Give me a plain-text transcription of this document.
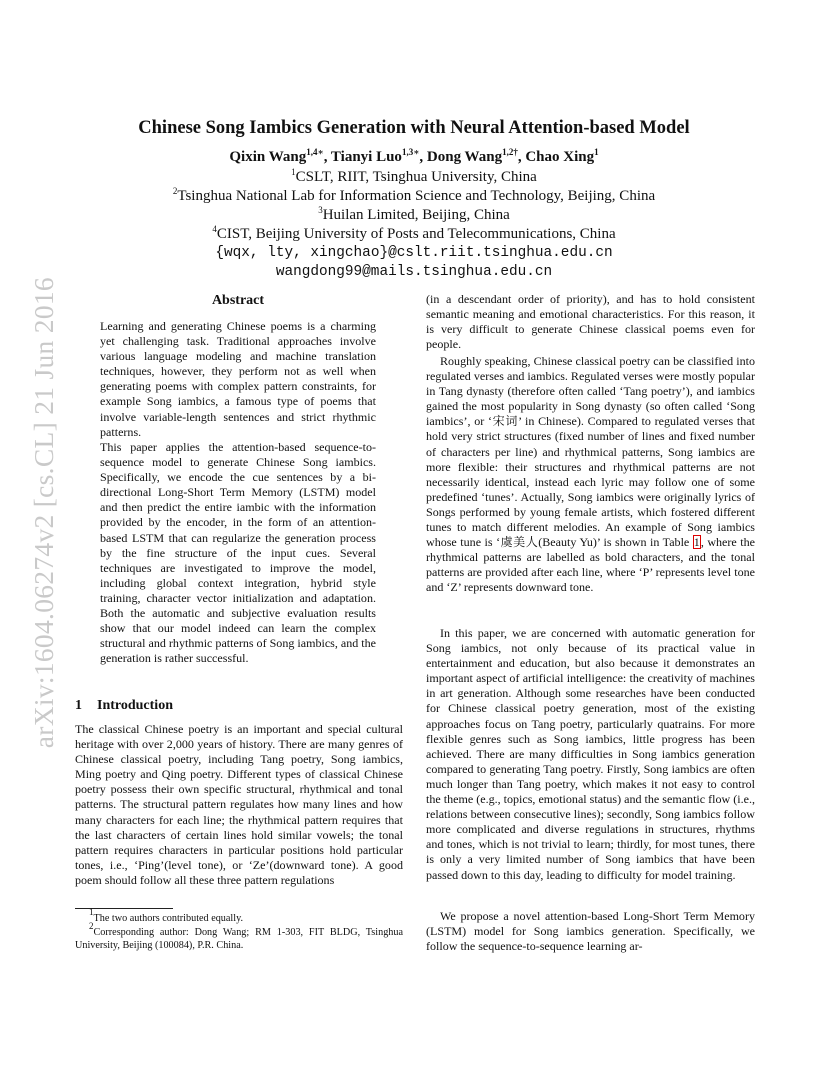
arXiv:1604.06274v2 [cs.CL] 21 Jun 2016
Chinese Song Iambics Generation with Neural Attention-based Model
Qixin Wang$^{1,4∗}$, Tianyi Luo$^{1,3∗}$, Dong Wang$^{1,2\dagger}$, Chao Xing$^1$
$^1$CSLT, RIIT, Tsinghua University, China
$^2$Tsinghua National Lab for Information Science and Technology, Beijing, China
$^3$Huilan Limited, Beijing, China
$^4$CIST, Beijing University of Posts and Telecommunications, China
{wqx, lty, xingchao}@cslt.riit.tsinghua.edu.cn
wangdong99@mails.tsinghua.edu.cn
Abstract

Learning and generating Chinese poems is a charming yet challenging task. Traditional approaches involve various language modeling and machine translation techniques, however, they perform not as well when generating poems with complex pattern constraints, for example Song iambics, a famous type of poems that involve variable-length sentences and strict rhythmic patterns.

This paper applies the attention-based sequence-to-sequence model to generate Chinese Song iambics. Specifically, we encode the cue sentences by a bi-directional Long-Short Term Memory (LSTM) model and then predict the entire iambic with the information provided by the encoder, in the form of an attention-based LSTM that can regularize the generation process by the fine structure of the input cues. Several techniques are investigated to improve the model, including global context integration, hybrid style training, character vector initialization and adaptation. Both the automatic and subjective evaluation results show that our model indeed can learn the complex structural and rhythmic patterns of Song iambics, and the generation is rather successful.

1 Introduction

The classical Chinese poetry is an important and special cultural heritage with over 2,000 years of history. There are many genres of Chinese classical poetry, including Tang poetry, Song iambics, Ming poetry and Qing poetry. Different types of classical Chinese poetry possess their own specific structural, rhythmical and tonal patterns. The structural pattern regulates how many lines and how many characters for each line; the rhythmical pattern requires that the last characters of certain lines hold similar vowels; the tonal pattern requires characters in particular positions hold particular tones, i.e., ‘Ping’(level tone), or ‘Ze’(downward tone). A good poem should follow all these three pattern regulations

(in a descendant order of priority), and has to hold consistent semantic meaning and emotional characteristics. For this reason, it is very difficult to generate Chinese classical poems even for people.

Roughly speaking, Chinese classical poetry can be classified into regulated verses and iambics. Regulated verses were mostly popular in Tang dynasty (therefore often called ‘Tang poetry’), and iambics gained the most popularity in Song dynasty (so often called ‘Song iambics’, or ‘宋词’ in Chinese). Compared to regulated verses that hold very strict structures (fixed number of lines and fixed number of characters per line) and rhythmical patterns, Song iambics are more flexible: their structures and rhythmical patterns are not necessarily identical, instead each lyric may follow one of some predefined ‘tunes’. Actually, Song iambics were originally lyrics of Songs performed by young female artists, which fostered different tunes to match different melodies. An example of Song iambics whose tune is ‘虞美人(Beauty Yu)’ is shown in Table 1, where the rhythmical patterns are labelled as bold characters, and the tonal patterns are provided after each line, where ‘P’ represents level tone and ‘Z’ represents downward tone.

In this paper, we are concerned with automatic generation for Song iambics, not only because of its practical value in entertainment and education, but also because it demonstrates an important aspect of artificial intelligence: the creativity of machines in art generation. Although some researches have been conducted for Chinese classical poetry generation, most of the existing approaches focus on Tang poetry, particularly quatrains. For more flexible genres such as Song iambics, little progress has been achieved. There are many difficulties in Song iambics generation compared to generating Tang poetry. Firstly, Song iambics are often much longer than Tang poetry, which makes it not easy to control the theme (e.g., topics, emotional status) and the semantic flow (i.e., relations between consecutive lines); secondly, Song iambics follow more complicated and diverse regulations in structures, rhythms and tones, which is not trivial to learn; thirdly, for most tunes, there is only a very limited number of Song iambics that have been passed down to this day, leading to difficulty for model training.

We propose a novel attention-based Long-Short Term Memory (LSTM) model for Song iambics generation. Specifically, we follow the sequence-to-sequence learning ar-

$^1$The two authors contributed equally.

$^2$Corresponding author: Dong Wang; RM 1-303, FIT BLDG, Tsinghua University, Beijing (100084), P.R. China.
